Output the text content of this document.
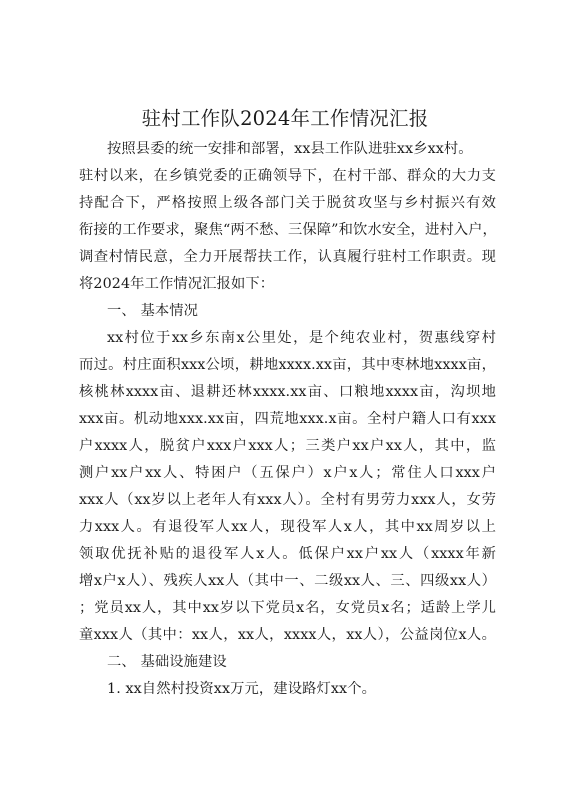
驻村工作队2024年工作情况汇报
按照县委的统一安排和部署，xx县工作队进驻xx乡xx村。
驻村以来，在乡镇党委的正确领导下，在村干部、群众的大力支
持配合下，严格按照上级各部门关于脱贫攻坚与乡村振兴有效
衔接的工作要求，聚焦“两不愁、三保障”和饮水安全，进村入户，
调查村情民意，全力开展帮扶工作，认真履行驻村工作职责。现
将2024年工作情况汇报如下：
一、 基本情况
xx村位于xx乡东南x公里处，是个纯农业村，贺惠线穿村
而过。村庄面积xxx公顷，耕地xxxx.xx亩，其中枣林地xxxx亩，
核桃林xxxx亩、退耕还林xxxx.xx亩、口粮地xxxx亩，沟坝地
xxx亩。机动地xxx.xx亩，四荒地xxx.x亩。全村户籍人口有xxx
户xxxx人，脱贫户xxx户xxx人；三类户xx户xx人，其中，监
测户xx户xx人、特困户（五保户）x户x人；常住人口xxx户
xxx人（xx岁以上老年人有xxx人）。全村有男劳力xxx人，女劳
力xxx人。有退役军人xx人，现役军人x人，其中xx周岁以上
领取优抚补贴的退役军人x人。低保户xx户xx人（xxxx年新
增x户x人）、残疾人xx人（其中一、二级xx人、三、四级xx人）
；党员xx人，其中xx岁以下党员x名，女党员x名；适龄上学儿
童xxx人（其中：xx人，xx人，xxxx人，xx人），公益岗位x人。
二、 基础设施建设
1. xx自然村投资xx万元，建设路灯xx个。
